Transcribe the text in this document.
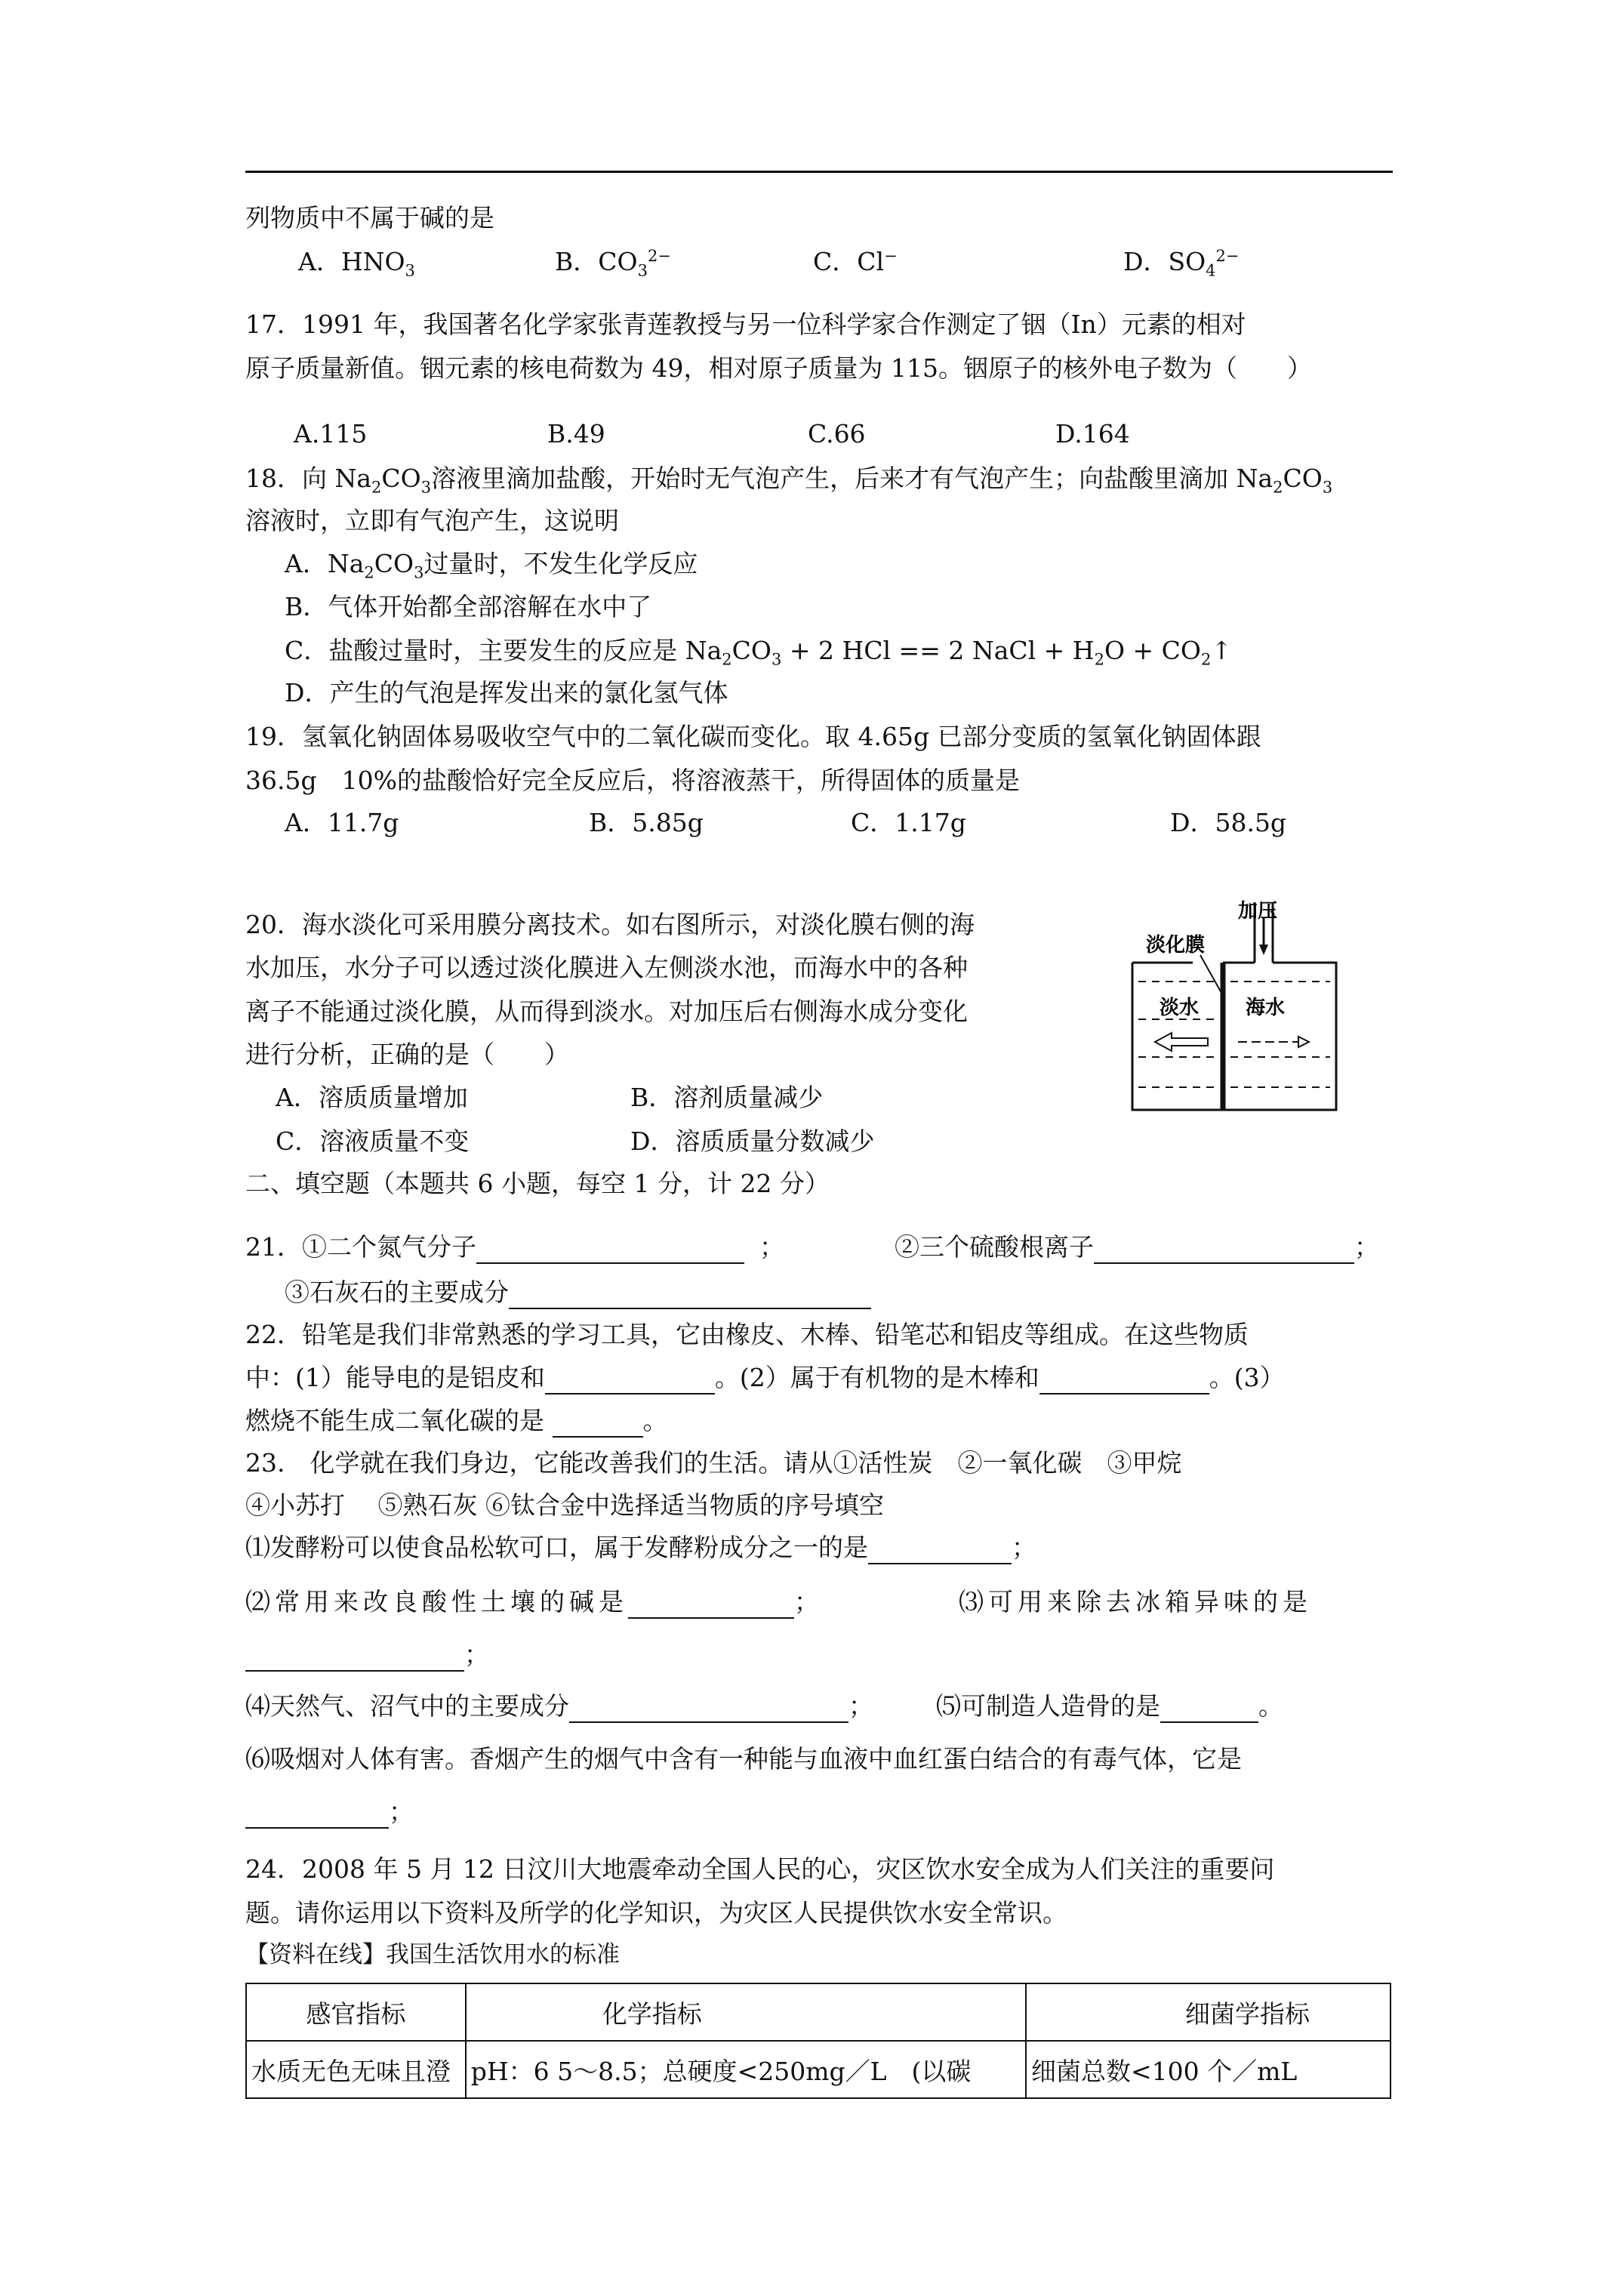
列物质中不属于碱的是
A．$HNO_3$	B．$CO_3^{2-}$	C．Cl−	D．$SO_4^{2-}$
17．1991 年，我国著名化学家张青莲教授与另一位科学家合作测定了铟（In）元素的相对
原子质量新值。铟元素的核电荷数为 49，相对原子质量为 115。铟原子的核外电子数为（　　）
A.115	B.49	C.66	D.164
18．向 $Na_2CO_3$溶液里滴加盐酸，开始时无气泡产生，后来才有气泡产生；向盐酸里滴加 $Na_2CO_3$
溶液时，立即有气泡产生，这说明
A．$Na_2CO_3$过量时，不发生化学反应
B．气体开始都全部溶解在水中了
C．盐酸过量时，主要发生的反应是 $Na_2CO_3 + 2$ HCl == 2 NaCl + $H_2O$ + $CO_2↑$
D．产生的气泡是挥发出来的氯化氢气体
19．氢氧化钠固体易吸收空气中的二氧化碳而变化。取 4.65g 已部分变质的氢氧化钠固体跟
36.5g　10%的盐酸恰好完全反应后，将溶液蒸干，所得固体的质量是
A．11.7g	B．5.85g	C．1.17g	D．58.5g
20．海水淡化可采用膜分离技术。如右图所示，对淡化膜右侧的海
水加压，水分子可以透过淡化膜进入左侧淡水池，而海水中的各种
离子不能通过淡化膜，从而得到淡水。对加压后右侧海水成分变化
进行分析，正确的是（　　）
A．溶质质量增加	B．溶剂质量减少
C．溶液质量不变	D．溶质质量分数减少
加压
淡化膜
淡水 海水
二、填空题（本题共 6 小题，每空 1 分，计 22 分）
21．①二个氮气分子	；	②三个硫酸根离子	；
③石灰石的主要成分
22．铅笔是我们非常熟悉的学习工具，它由橡皮、木棒、铅笔芯和铝皮等组成。在这些物质
中：(1）能导电的是铝皮和	。(2）属于有机物的是木棒和	。(3）
燃烧不能生成二氧化碳的是	。
23.　化学就在我们身边，它能改善我们的生活。请从①活性炭　②一氧化碳　③甲烷
④小苏打　 ⑤熟石灰 ⑥钛合金中选择适当物质的序号填空
⑴发酵粉可以使食品松软可口，属于发酵粉成分之一的是	；
⑵常用来改良酸性土壤的碱是	；	⑶可用来除去冰箱异味的是
；
⑷天然气、沼气中的主要成分	；	⑸可制造人造骨的是	。
⑹吸烟对人体有害。香烟产生的烟气中含有一种能与血液中血红蛋白结合的有毒气体，它是
；
24．2008 年 5 月 12 日汶川大地震牵动全国人民的心，灾区饮水安全成为人们关注的重要问
题。请你运用以下资料及所学的化学知识，为灾区人民提供饮水安全常识。
【资料在线】我国生活饮用水的标准
感官指标	化学指标	细菌学指标
水质无色无味且澄	pH：6 5～8.5；总硬度<250mg／L　(以碳	细菌总数<100 个／mL
